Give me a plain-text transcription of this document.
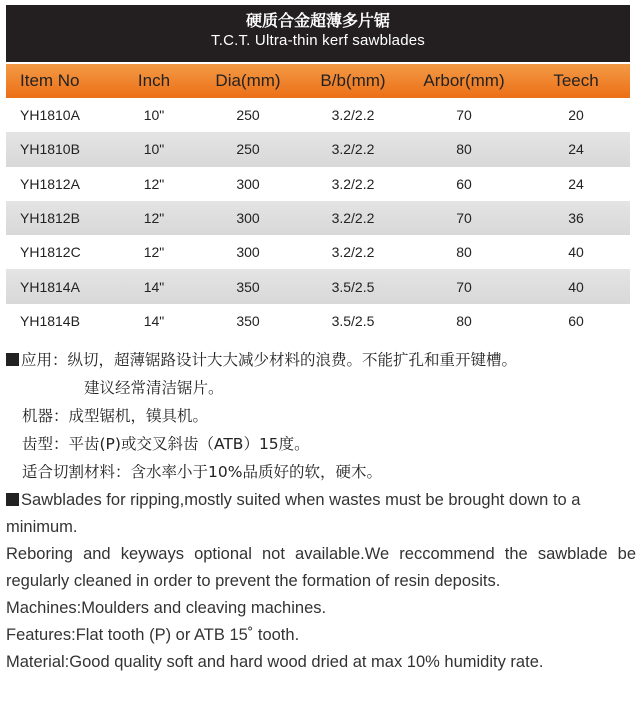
硬质合金超薄多片锯
T.C.T. Ultra-thin kerf sawblades
Item No	Inch	Dia(mm)	B/b(mm)	Arbor(mm)	Teech
YH1810A	10"	250	3.2/2.2	70	20
YH1810B	10"	250	3.2/2.2	80	24
YH1812A	12"	300	3.2/2.2	60	24
YH1812B	12"	300	3.2/2.2	70	36
YH1812C	12"	300	3.2/2.2	80	40
YH1814A	14"	350	3.5/2.5	70	40
YH1814B	14"	350	3.5/2.5	80	60
应用：纵切，超薄锯路设计大大减少材料的浪费。不能扩孔和重开键槽。
建议经常清洁锯片。
机器：成型锯机，镆具机。
齿型：平齿(P)或交叉斜齿（ATB）15度。
适合切割材料：含水率小于10%品质好的软，硬木。
Sawblades for ripping,mostly suited when wastes must be brought down to a minimum.
Reboring and keyways optional not available.We reccommend the sawblade be regularly cleaned in order to prevent the formation of resin deposits.
Machines:Moulders and cleaving machines.
Features:Flat tooth (P) or ATB 15˚ tooth.
Material:Good quality soft and hard wood dried at max 10% humidity rate.
